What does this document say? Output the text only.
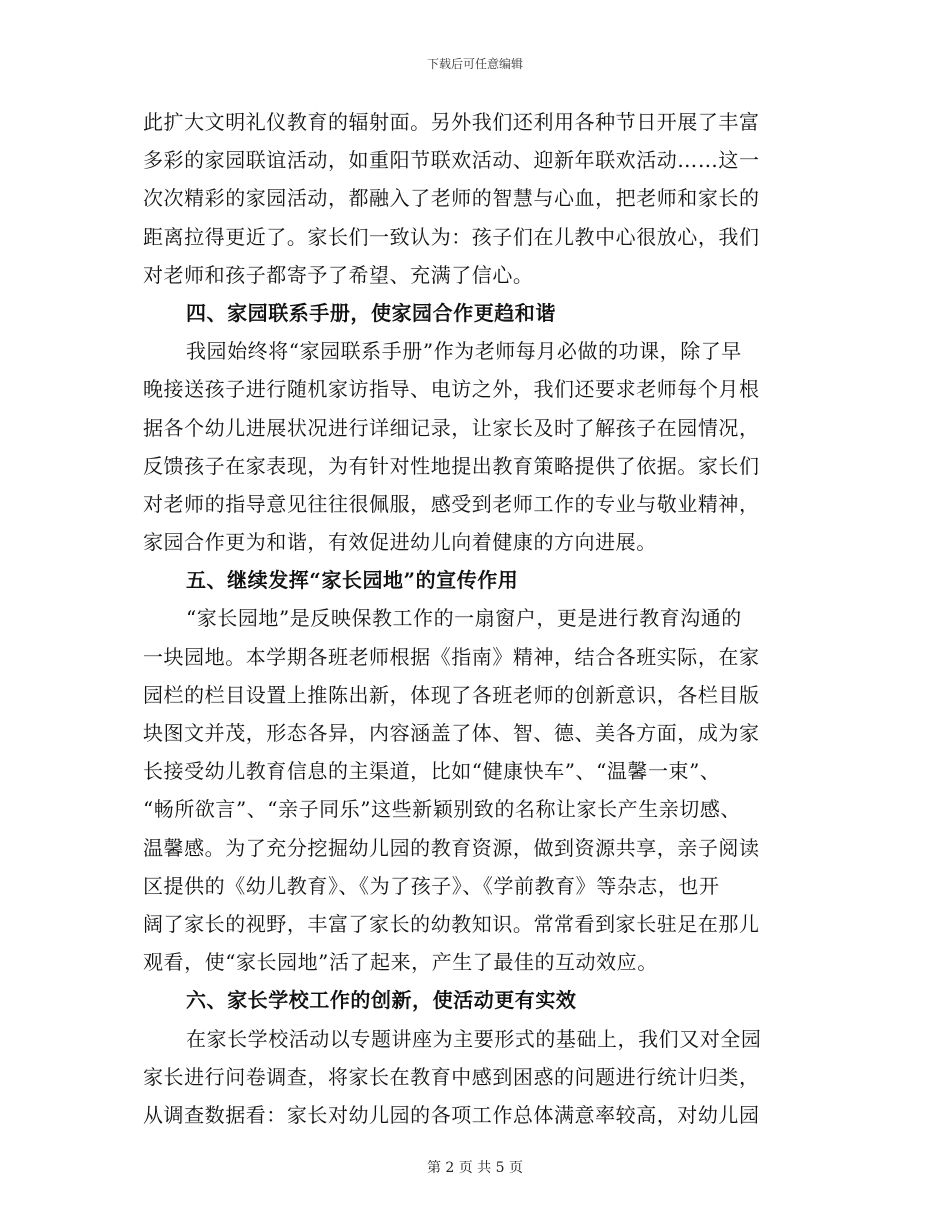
下载后可任意编辑
此扩大文明礼仪教育的辐射面。另外我们还利用各种节日开展了丰富
多彩的家园联谊活动，如重阳节联欢活动、迎新年联欢活动……这一
次次精彩的家园活动，都融入了老师的智慧与心血，把老师和家长的
距离拉得更近了。家长们一致认为：孩子们在儿教中心很放心，我们
对老师和孩子都寄予了希望、充满了信心。
四、家园联系手册，使家园合作更趋和谐
我园始终将“家园联系手册”作为老师每月必做的功课，除了早
晚接送孩子进行随机家访指导、电访之外，我们还要求老师每个月根
据各个幼儿进展状况进行详细记录，让家长及时了解孩子在园情况，
反馈孩子在家表现，为有针对性地提出教育策略提供了依据。家长们
对老师的指导意见往往很佩服，感受到老师工作的专业与敬业精神，
家园合作更为和谐，有效促进幼儿向着健康的方向进展。
五、继续发挥“家长园地”的宣传作用
“家长园地”是反映保教工作的一扇窗户，更是进行教育沟通的
一块园地。本学期各班老师根据《指南》精神，结合各班实际，在家
园栏的栏目设置上推陈出新，体现了各班老师的创新意识，各栏目版
块图文并茂，形态各异，内容涵盖了体、智、德、美各方面，成为家
长接受幼儿教育信息的主渠道，比如“健康快车”、“温馨一束”、
“畅所欲言”、“亲子同乐”这些新颖别致的名称让家长产生亲切感、
温馨感。为了充分挖掘幼儿园的教育资源，做到资源共享，亲子阅读
区提供的《幼儿教育》、《为了孩子》、《学前教育》等杂志，也开
阔了家长的视野，丰富了家长的幼教知识。常常看到家长驻足在那儿
观看，使“家长园地”活了起来，产生了最佳的互动效应。
六、家长学校工作的创新，使活动更有实效
在家长学校活动以专题讲座为主要形式的基础上，我们又对全园
家长进行问卷调查，将家长在教育中感到困惑的问题进行统计归类，
从调查数据看：家长对幼儿园的各项工作总体满意率较高，对幼儿园
第 2 页 共 5 页
